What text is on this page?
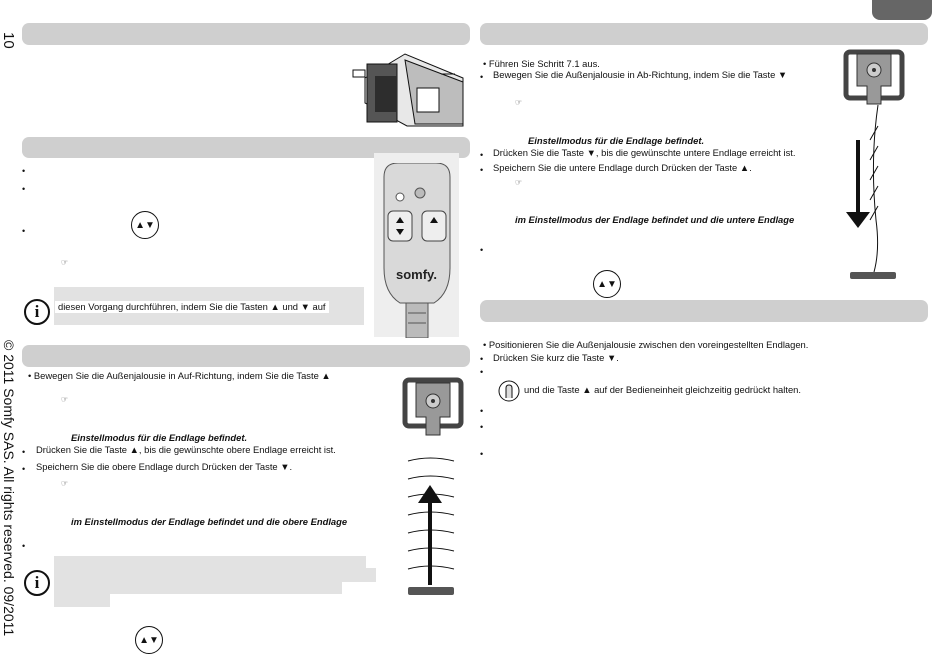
10
© 2011 Somfy SAS. All rights reserved. 09/2011
somfy.
•
•
•
▲▼
☞
i	diesen Vorgang durchführen, indem Sie die Tasten ▲ und ▼ auf
• Bewegen Sie die Außenjalousie in Auf-Richtung, indem Sie die Taste ▲
☞
Einstellmodus für die Endlage befindet.
• Drücken Sie die Taste ▲, bis die gewünschte obere Endlage erreicht ist.
• Speichern Sie die obere Endlage durch Drücken der Taste ▼.
☞
im Einstellmodus der Endlage befindet und die obere Endlage
•
i
▲▼
• Führen Sie Schritt 7.1 aus.
• Bewegen Sie die Außenjalousie in Ab-Richtung, indem Sie die Taste ▼
☞
Einstellmodus für die Endlage befindet.
• Drücken Sie die Taste ▼, bis die gewünschte untere Endlage erreicht ist.
• Speichern Sie die untere Endlage durch Drücken der Taste ▲.
☞
im Einstellmodus der Endlage befindet und die untere Endlage
•
▲▼
• Positionieren Sie die Außenjalousie zwischen den voreingestellten Endlagen.
• Drücken Sie kurz die Taste ▼.
•
und die Taste ▲ auf der Bedieneinheit gleichzeitig gedrückt halten.
•
•
•
